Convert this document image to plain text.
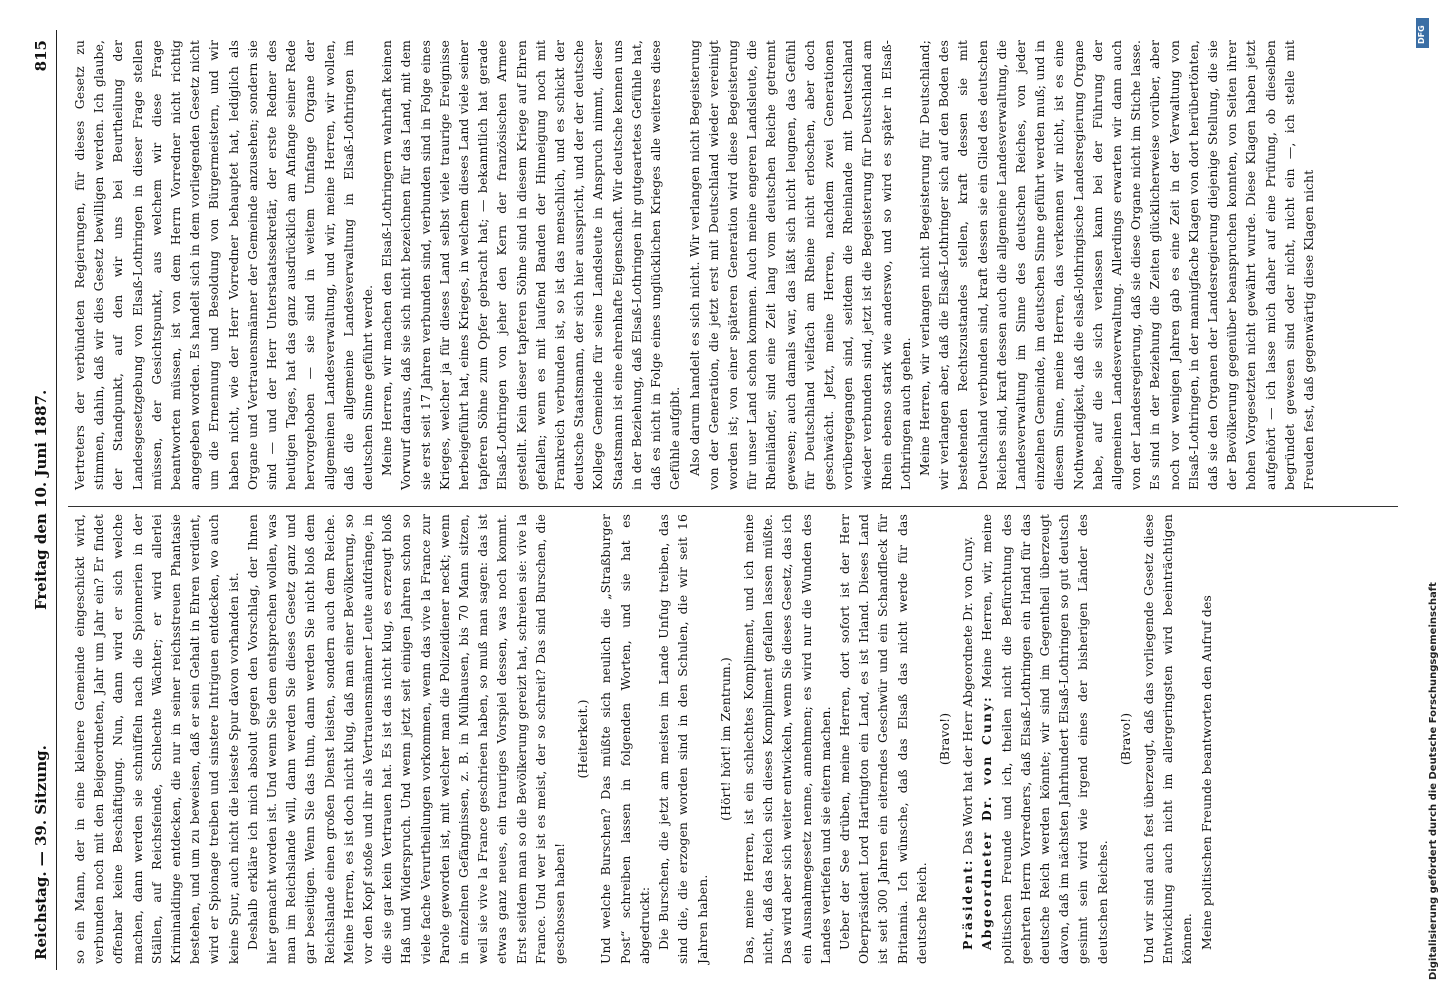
Reichstag. — 39. Sitzung.
Freitag den 10. Juni 1887.
815

so ein Mann, der in eine kleinere Gemeinde eingeschickt wird, verbunden noch mit den Beigeordneten, Jahr um Jahr ein? Er findet offenbar keine Beschäftigung. Nun, dann wird er sich welche machen, dann werden sie schnüffeln nach die Spionnerien in der Ställen, auf Reichsfeinde, Schlechte Wächter; er wird allerlei Kriminaldinge entdecken, die nur in seiner reichsstreuen Phantasie bestehen, und um zu beweisen, daß er sein Gehalt in Ehren verdient, wird er Spionage treiben und sinstere Intriguen entdecken, wo auch keine Spur, auch nicht die leiseste Spur davon vorhanden ist. Deshalb erkläre ich mich absolut gegen den Vorschlag, der Ihnen hier gemacht worden ist. Und wenn Sie dem entsprechen wollen, was man im Reichslande will, dann werden Sie dieses Gesetz ganz und gar beseitigen. Wenn Sie das thun, dann werden Sie nicht bloß dem Reichslande einen großen Dienst leisten, sondern auch dem Reiche. Meine Herren, es ist doch nicht klug, daß man einer Bevölkerung, so vor den Kopf stoße und ihr als Vertrauensmänner Leute aufdränge, in die sie gar kein Vertrauen hat. Es ist das nicht klug, es erzeugt bloß Haß und Widerspruch. Und wenn jetzt seit einigen Jahren schon so viele fache Verurtheilungen vorkommen, wenn das vive la France zur Parole geworden ist, mit welcher man die Polizeidiener neckt; wenn in einzelnen Gefängnissen, z. B. in Mülhausen, bis 70 Mann sitzen, weil sie vive la France geschrieen haben, so muß man sagen: das ist etwas ganz neues, ein trauriges Vorspiel dessen, was noch kommt. Erst seitdem man so die Bevölkerung gereizt hat, schreien sie: vive la France. Und wer ist es meist, der so schreit? Das sind Burschen, die geschossen haben!

(Heiterkeit.) Und welche Burschen? Das müßte sich neulich die „Straßburger Post“ schreiben lassen in folgenden Worten, und sie hat es abgedruckt: Die Burschen, die jetzt am meisten im Lande Unfug treiben, das sind die, die erzogen worden sind in den Schulen, die wir seit 16 Jahren haben.

(Hört! hört! im Zentrum.) Das, meine Herren, ist ein schlechtes Kompliment, und ich meine nicht, daß das Reich sich dieses Kompliment gefallen lassen müßte. Das wird aber sich weiter entwickeln, wenn Sie dieses Gesetz, das ich ein Ausnahmegesetz nenne, annehmen; es wird nur die Wunden des Landes vertiefen und sie eitern machen. Ueber der See drüben, meine Herren, dort sofort ist der Herr Oberpräsident Lord Hartington ein Land, es ist Irland. Dieses Land ist seit 300 Jahren ein eiterndes Geschwür und ein Schandfleck für Britannia. Ich wünsche, daß das Elsaß das nicht werde für das deutsche Reich.

(Bravo!)

Präsident: Das Wort hat der Herr Abgeordnete Dr. von Cuny. Abgeordneter Dr. von Cuny: Meine Herren, wir, meine politischen Freunde und ich, theilen nicht die Befürchtung des geehrten Herrn Vorredners, daß Elsaß-Lothringen ein Irland für das deutsche Reich werden könnte; wir sind im Gegentheil überzeugt davon, daß im nächsten Jahrhundert Elsaß-Lothringen so gut deutsch gesinnt sein wird wie irgend eines der bisherigen Länder des deutschen Reiches.

(Bravo!) Und wir sind auch fest überzeugt, daß das vorliegende Gesetz diese Entwicklung auch nicht im allergeringsten wird beeinträchtigen können. Meine politischen Freunde beantworten den Aufruf des

Vertreters der verbündeten Regierungen, für dieses Gesetz zu stimmen, dahin, daß wir dies Gesetz bewilligen werden. Ich glaube, der Standpunkt, auf den wir uns bei Beurtheilung der Landesgesetzgebung von Elsaß-Lothringen in dieser Frage stellen müssen, der Gesichtspunkt, aus welchem wir diese Frage beantworten müssen, ist von dem Herrn Vorredner nicht richtig angegeben worden. Es handelt sich in dem vorliegenden Gesetz nicht um die Ernennung und Besoldung von Bürgermeistern, und wir haben nicht, wie der Herr Vorredner behauptet hat, lediglich als Organe und Vertrauensmänner der Gemeinde anzusehen; sondern sie sind — und der Herr Unterstaatssekretär, der erste Redner des heutigen Tages, hat das ganz ausdrücklich am Anfange seiner Rede hervorgehoben — sie sind in weitem Umfange Organe der allgemeinen Landesverwaltung, und wir, meine Herren, wir wollen, daß die allgemeine Landesverwaltung in Elsaß-Lothringen im deutschen Sinne geführt werde. Meine Herren, wir machen den Elsaß-Lothringern wahrhaft keinen Vorwurf daraus, daß sie sich nicht bezeichnen für das Land, mit dem sie erst seit 17 Jahren verbunden sind, verbunden sind in Folge eines Krieges, welcher ja für dieses Land selbst viele traurige Ereignisse herbeigeführt hat, eines Krieges, in welchem dieses Land viele seiner tapferen Söhne zum Opfer gebracht hat; — bekanntlich hat gerade Elsaß-Lothringen von jeher den Kern der französischen Armee gestellt. Kein dieser tapferen Söhne sind in diesem Kriege auf Ehren gefallen; wenn es mit laufend Banden der Hinneigung noch mit Frankreich verbunden ist, so ist das menschlich, und es schickt der deutsche Staatsmann, der sich hier ausspricht, und der der deutsche Kollege Gemeinde für seine Landsleute in Anspruch nimmt, dieser Staatsmann ist eine ehrenhafte Eigenschaft. Wir deutsche kennen uns in der Beziehung, daß Elsaß-Lothringen ihr gutgeartetes Gefühle hat, daß es nicht in Folge eines unglücklichen Krieges alle weiteres diese Gefühle aufgibt. Also darum handelt es sich nicht. Wir verlangen nicht Begeisterung von der Generation, die jetzt erst mit Deutschland wieder vereinigt worden ist; von einer späteren Generation wird diese Begeisterung für unser Land schon kommen. Auch meine engeren Landsleute, die Rheinländer, sind eine Zeit lang vom deutschen Reiche getrennt gewesen; auch damals war, das läßt sich nicht leugnen, das Gefühl für Deutschland vielfach am Rheine nicht erloschen, aber doch geschwächt. Jetzt, meine Herren, nachdem zwei Generationen vorübergegangen sind, seitdem die Rheinlande mit Deutschland wieder verbunden sind, jetzt ist die Begeisterung für Deutschland am Rhein ebenso stark wie anderswo, und so wird es später in Elsaß-Lothringen auch gehen. Meine Herren, wir verlangen nicht Begeisterung für Deutschland; wir verlangen aber, daß die Elsaß-Lothringer sich auf den Boden des bestehenden Rechtszustandes stellen, kraft dessen sie mit Deutschland verbunden sind, kraft dessen sie ein Glied des deutschen Reiches sind, kraft dessen auch die allgemeine Landesverwaltung, die Landesverwaltung im Sinne des deutschen Reiches, von jeder einzelnen Gemeinde, im deutschen Sinne geführt werden muß; und in diesem Sinne, meine Herren, das verkennen wir nicht, ist es eine Nothwendigkeit, daß die elsaß-lothringische Landesregierung Organe habe, auf die sie sich verlassen kann bei der Führung der allgemeinen Landesverwaltung. Allerdings erwarten wir dann auch von der Landesregierung, daß sie diese Organe nicht im Stiche lasse. Es sind in der Beziehung die Zeiten glücklicherweise vorüber, aber noch vor wenigen Jahren gab es eine Zeit in der Verwaltung von Elsaß-Lothringen, in der mannigfache Klagen von dort herübertönten, daß sie den Organen der Landesregierung diejenige Stellung, die sie der Bevölkerung gegenüber beanspruchen konnten, von Seiten ihrer hohen Vorgesetzten nicht gewährt wurde. Diese Klagen haben jetzt aufgehört — ich lasse mich daher auf eine Prüfung, ob dieselben begründet gewesen sind oder nicht, nicht ein —, ich stelle mit Freuden fest, daß gegenwärtig diese Klagen nicht

DFG
Digitalisierung gefördert durch die Deutsche Forschungsgemeinschaft
